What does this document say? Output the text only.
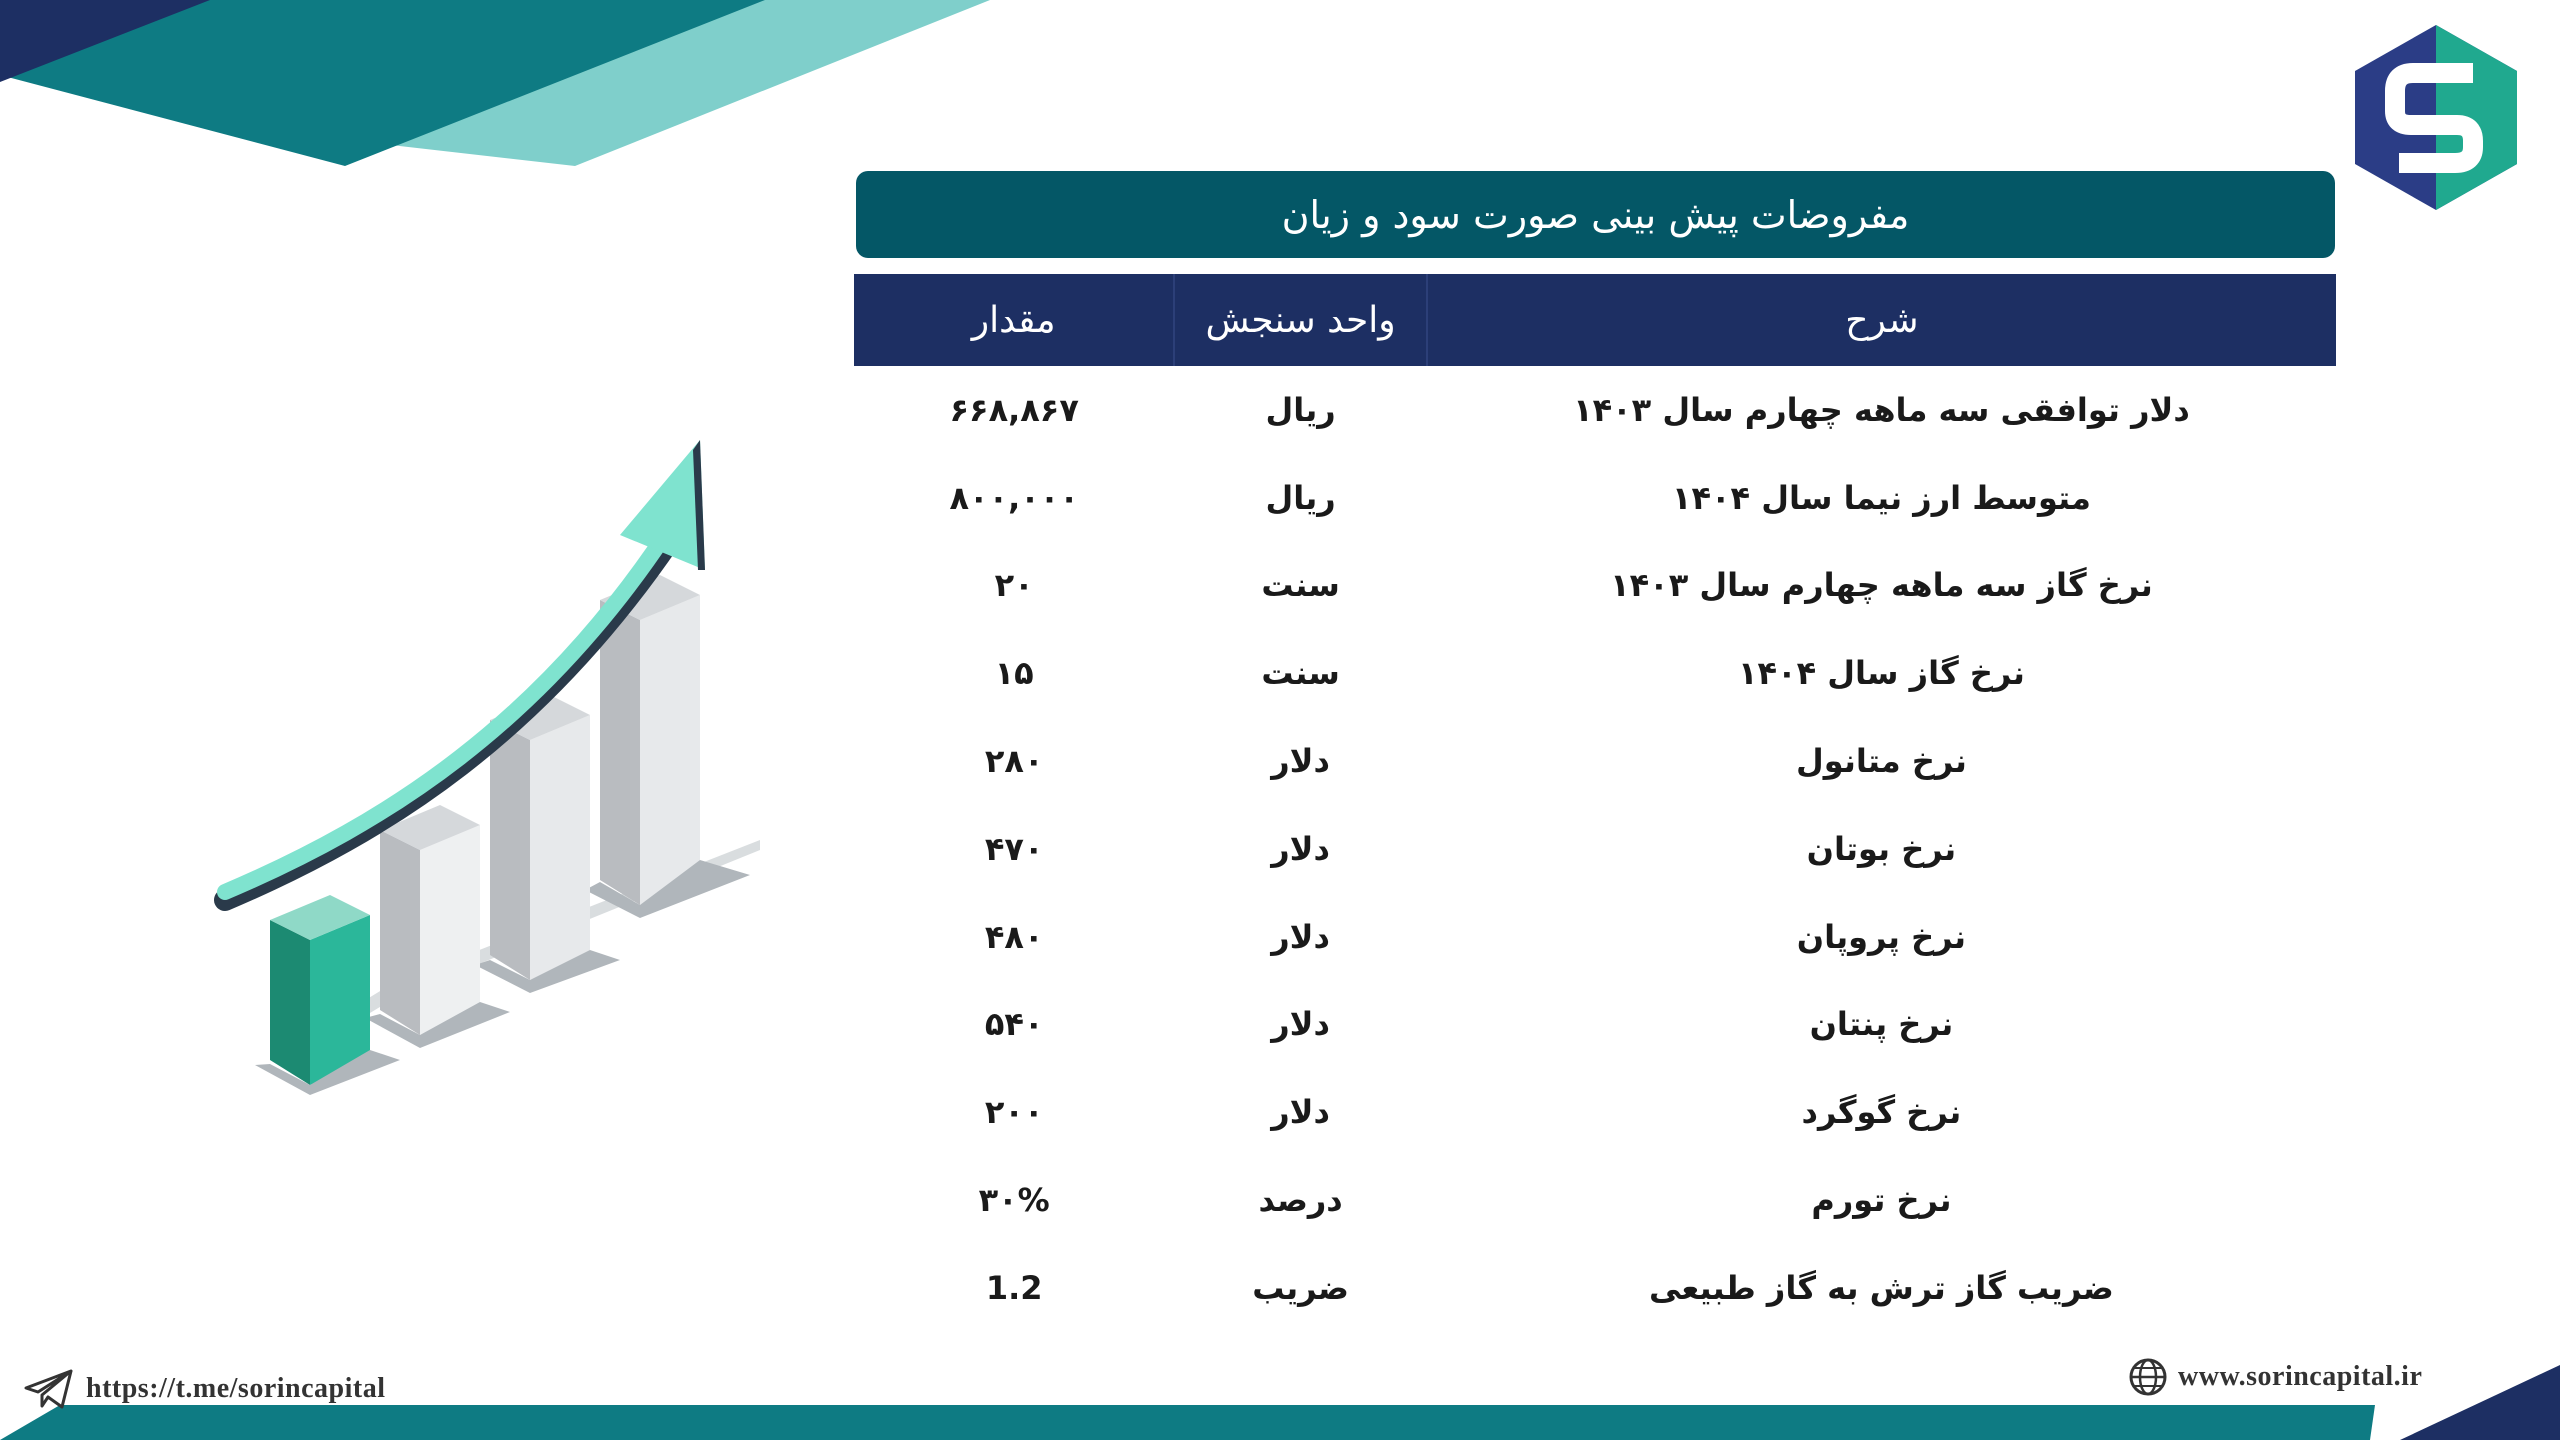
مفروضات پیش بینی صورت سود و زیان
شرح	واحد سنجش	مقدار
دلار توافقی سه ماهه چهارم سال ۱۴۰۳	ریال	۶۶۸,۸۶۷
متوسط ارز نیما سال ۱۴۰۴	ریال	۸۰۰,۰۰۰
نرخ گاز سه ماهه چهارم سال ۱۴۰۳	سنت	۲۰
نرخ گاز سال ۱۴۰۴	سنت	۱۵
نرخ متانول	دلار	۲۸۰
نرخ بوتان	دلار	۴۷۰
نرخ پروپان	دلار	۴۸۰
نرخ پنتان	دلار	۵۴۰
نرخ گوگرد	دلار	۲۰۰
نرخ تورم	درصد	۳۰%
ضریب گاز ترش به گاز طبیعی	ضریب	1.2
https://t.me/sorincapital	www.sorincapital.ir
